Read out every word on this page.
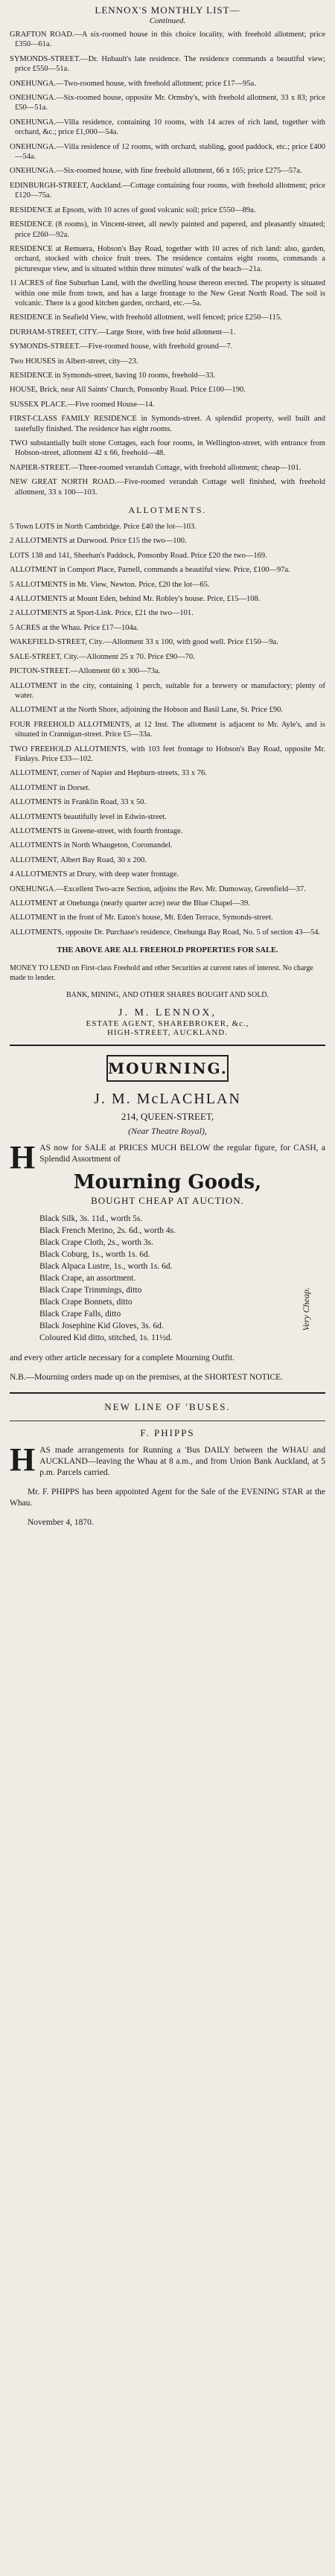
LENNOX'S MONTHLY LIST—
Continued.

GRAFTON ROAD.—A six-roomed house in this choice locality, with freehold allotment; price £350—61a.

SYMONDS-STREET.—Dr. Hubault's late residence. The residence commands a beautiful view; price £550—51a.

ONEHUNGA.—Two-roomed house, with freehold allotment; price £17—95a.

ONEHUNGA.—Six-roomed house, opposite Mr. Ormsby's, with freehold allotment, 33 x 83; price £50—51a.

ONEHUNGA.—Villa residence, containing 10 rooms, with 14 acres of rich land, together with orchard, &c.; price £1,000—54a.

ONEHUNGA.—Villa residence of 12 rooms, with orchard, stabling, good paddock, etc.; price £400—54a.

ONEHUNGA.—Six-roomed house, with fine freehold allotment, 66 x 165; price £275—57a.

EDINBURGH-STREET, Auckland.—Cottage containing four rooms, with freehold allotment; price £120—75a.

RESIDENCE at Epsom, with 10 acres of good volcanic soil; price £550—89a.

RESIDENCE (8 rooms), in Vincent-street, all newly painted and papered, and pleasantly situated; price £260—92a.

RESIDENCE at Remuera, Hobson's Bay Road, together with 10 acres of rich land: also, garden, orchard, stocked with choice fruit trees. The residence contains eight rooms, commands a picturesque view, and is situated within three minutes' walk of the beach—21a.

11 ACRES of fine Suburban Land, with the dwelling house thereon erected. The property is situated within one mile from town, and has a large frontage to the New Great North Road. The soil is volcanic. There is a good kitchen garden, orchard, etc.—5a.

RESIDENCE in Seafield View, with freehold allotment, well fenced; price £250—115.

DURHAM-STREET, CITY.—Large Store, with free hold allotment—1.

SYMONDS-STREET.—Five-roomed house, with freehold ground—7.

Two HOUSES in Albert-street, city—23.

RESIDENCE in Symonds-street, having 10 rooms, freehold—33.

HOUSE, Brick, near All Saints' Church, Ponsonby Road. Price £100—190.

SUSSEX PLACE.—Five roomed House—14.

FIRST-CLASS FAMILY RESIDENCE in Symonds-street. A splendid property, well built and tastefully finished. The residence has eight rooms.

TWO substantially built stone Cottages, each four rooms, in Wellington-street, with entrance from Hobson-street, allotment 42 x 66, freehold—48.

NAPIER-STREET.—Three-roomed verandah Cottage, with freehold allotment; cheap—101.

NEW GREAT NORTH ROAD.—Five-roomed verandah Cottage well finished, with freehold allotment, 33 x 100—103.

ALLOTMENTS.

5 Town LOTS in North Cambridge. Price £40 the lot—103.

2 ALLOTMENTS at Durwood. Price £15 the two—100.

LOTS 138 and 141, Sheehan's Paddock, Ponsonby Road. Price £20 the two—169.

ALLOTMENT in Comport Place, Parnell, commands a beautiful view. Price, £100—97a.

5 ALLOTMENTS in Mt. View, Newton. Price, £20 the lot—65.

4 ALLOTMENTS at Mount Eden, behind Mr. Robley's house. Price, £15—108.

2 ALLOTMENTS at Sport-Link. Price, £21 the two—101.

5 ACRES at the Whau. Price £17—104a.

WAKEFIELD-STREET, City.—Allotment 33 x 100, with good well. Price £150—9a.

SALE-STREET, City.—Allotment 25 x 70. Price £90—70.

PICTON-STREET.—Allotment 60 x 300—73a.

ALLOTMENT in the city, containing 1 perch, suitable for a brewery or manufactory; plenty of water.

ALLOTMENT at the North Shore, adjoining the Hobson and Basil Lane, St. Price £90.

FOUR FREEHOLD ALLOTMENTS, at 12 Inst. The allotment is adjacent to Mr. Ayle's, and is situated in Crannigan-street. Price £5—33a.

TWO FREEHOLD ALLOTMENTS, with 103 feet frontage to Hobson's Bay Road, opposite Mr. Finlays. Price £33—102.

ALLOTMENT, corner of Napier and Hepburn-streets, 33 x 76.

ALLOTMENT in Dorset.

ALLOTMENTS in Franklin Road, 33 x 50.

ALLOTMENTS beautifully level in Edwin-street.

ALLOTMENTS in Greene-street, with fourth frontage.

ALLOTMENTS in North Whaugeton, Coromandel.

ALLOTMENT, Albert Bay Road, 30 x 200.

4 ALLOTMENTS at Drury, with deep water frontage.

ONEHUNGA.—Excellent Two-acre Section, adjoins the Rev. Mr. Dumoway, Greenfield—37.

ALLOTMENT at Onehunga (nearly quarter acre) near the Blue Chapel—39.

ALLOTMENT in the front of Mr. Eaton's house, Mt. Eden Terrace, Symonds-street.

ALLOTMENTS, opposite Dr. Purchase's residence, Onehunga Bay Road, No. 5 of section 43—54.

THE ABOVE ARE ALL FREEHOLD PROPERTIES FOR SALE.

MONEY TO LEND on First-class Freehold and other Securities at current rates of interest. No charge made to lender.

BANK, MINING, AND OTHER SHARES BOUGHT AND SOLD.

J. M. LENNOX,
ESTATE AGENT, SHAREBROKER, &c.,
HIGH-STREET, AUCKLAND.
MOURNING.
J. M. McLACHLAN
214, QUEEN-STREET,
(Near Theatre Royal),
H AS now for SALE at PRICES MUCH BELOW the regular figure, for CASH, a Splendid Assortment of
Mourning Goods,
BOUGHT CHEAP AT AUCTION.
Very Cheap.
Black Silk, 3s. 11d., worth 5s.
Black French Merino, 2s. 6d., worth 4s.
Black Crape Cloth, 2s., worth 3s.
Black Coburg, 1s., worth 1s. 6d.
Black Alpaca Lustre, 1s., worth 1s. 6d.
Black Crape, an assortment.
Black Crape Trimmings, ditto
Black Crape Bonnets, ditto
Black Crape Falls, ditto
Black Josephine Kid Gloves, 3s. 6d.
Coloured Kid ditto, stitched, 1s. 11½d.

and every other article necessary for a complete Mourning Outfit.

N.B.—Mourning orders made up on the premises, at the SHORTEST NOTICE.

NEW LINE OF 'BUSES.
F. PHIPPS
H AS made arrangements for Running a 'Bus DAILY between the WHAU and AUCKLAND—leaving the Whau at 8 a.m., and from Union Bank Auckland, at 5 p.m. Parcels carried.

Mr. F. PHIPPS has been appointed Agent for the Sale of the EVENING STAR at the Whau.

November 4, 1870.
